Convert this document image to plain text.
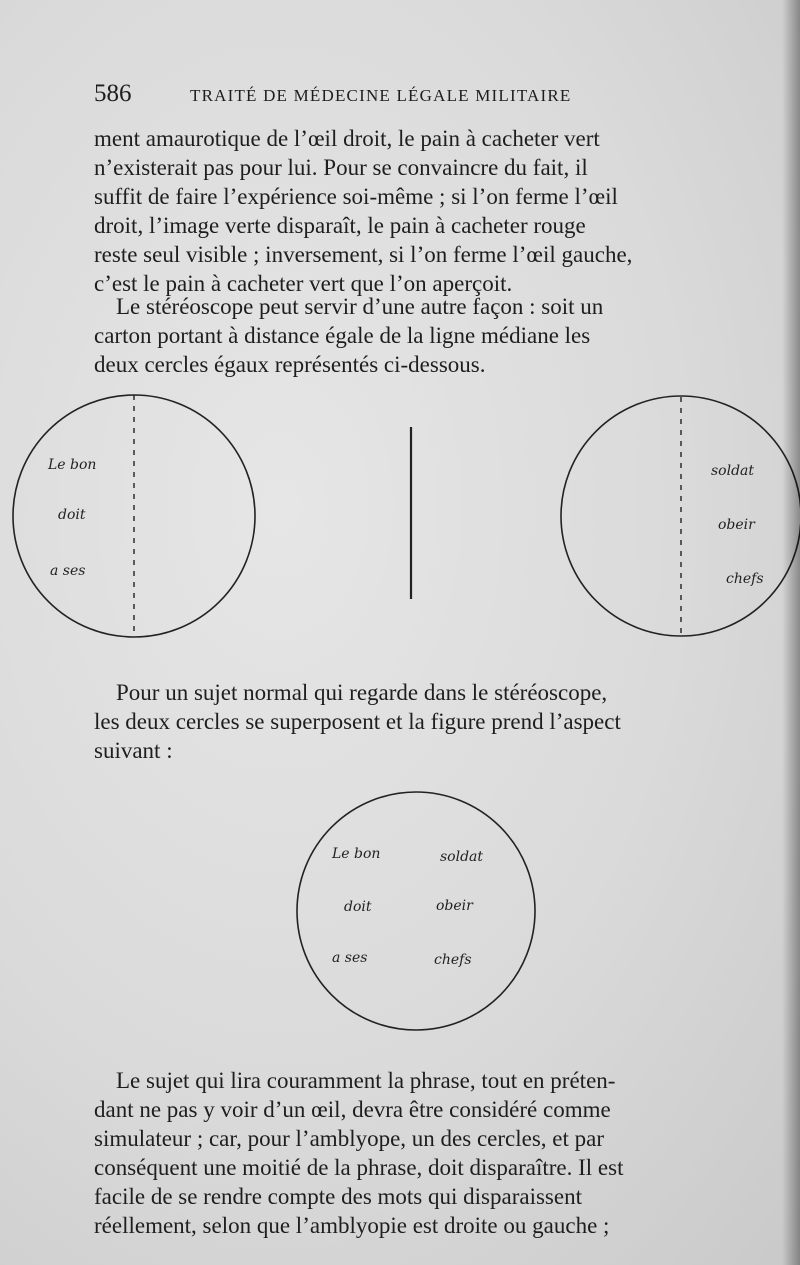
586	TRAITÉ DE MÉDECINE LÉGALE MILITAIRE
ment amaurotique de l’œil droit, le pain à cacheter vert
n’existerait pas pour lui. Pour se convaincre du fait, il
suffit de faire l’expérience soi-même ; si l’on ferme l’œil
droit, l’image verte disparaît, le pain à cacheter rouge
reste seul visible ; inversement, si l’on ferme l’œil gauche,
c’est le pain à cacheter vert que l’on aperçoit.
Le stéréoscope peut servir d’une autre façon : soit un
carton portant à distance égale de la ligne médiane les
deux cercles égaux représentés ci-dessous.
Le bon
doit
a ses
soldat
obeir
chefs
Pour un sujet normal qui regarde dans le stéréoscope,
les deux cercles se superposent et la figure prend l’aspect
suivant :
Le bon
doit
a ses
soldat
obeir
chefs
Le sujet qui lira couramment la phrase, tout en préten-
dant ne pas y voir d’un œil, devra être considéré comme
simulateur ; car, pour l’amblyope, un des cercles, et par
conséquent une moitié de la phrase, doit disparaître. Il est
facile de se rendre compte des mots qui disparaissent
réellement, selon que l’amblyopie est droite ou gauche ;
